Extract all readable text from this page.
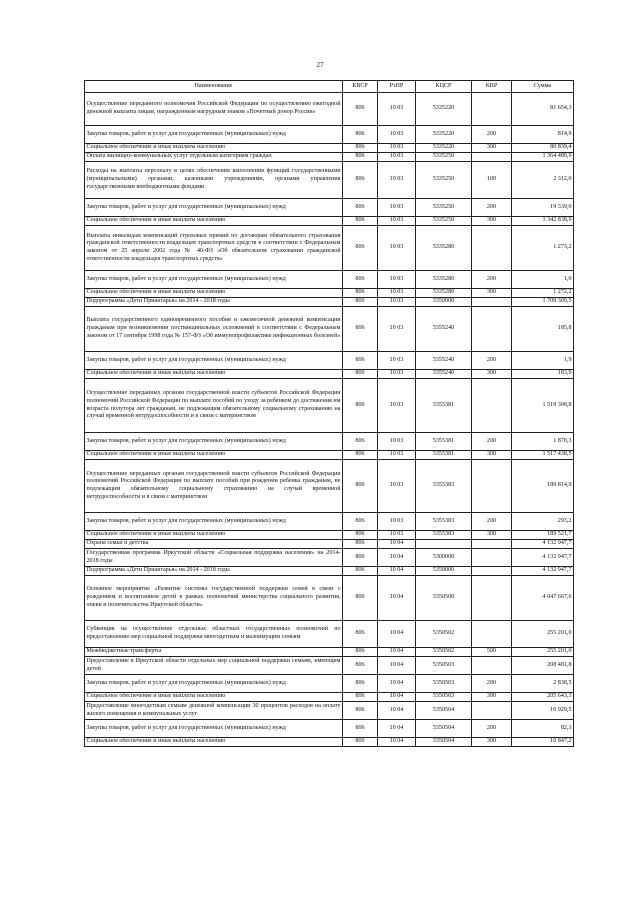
27
Наименование	КВСР	РзПР	КЦСР	КВР	Сумма
Осуществление переданного полномочия Российской Федерации по осуществлению ежегодной денежной выплаты лицам, награжденным нагрудным знаком «Почетный донор России»	806	10 03	5335220		81 654,3
Закупка товаров, работ и услуг для государственных (муниципальных) нужд	806	10 03	5335220	200	814,9
Социальное обеспечение и иные выплаты населению	806	10 03	5335220	300	80 839,4
Оплата жилищно-коммунальных услуг отдельным категориям граждан	806	10 03	5335250		1 364 489,9
Расходы на выплаты персоналу в целях обеспечения выполнения функций государственными (муниципальными) органами, казенными учреждениями, органами управления государственными внебюджетными фондами	806	10 03	5335250	100	2 312,0
Закупка товаров, работ и услуг для государственных (муниципальных) нужд	806	10 03	5335250	200	19 339,0
Социальное обеспечение и иные выплаты населению	806	10 03	5335250	300	1 342 838,9
Выплаты инвалидам компенсаций страховых премий по договорам обязательного страхования гражданской ответственности владельцев транспортных средств в соответствии с Федеральным законом от 25 апреля 2002 года № 40-ФЗ «Об обязательном страховании гражданской ответственности владельцев транспортных средств»	806	10 03	5335280		1 273,2
Закупка товаров, работ и услуг для государственных (муниципальных) нужд	806	10 03	5335280	200	1,0
Социальное обеспечение и иные выплаты населению	806	10 03	5335280	300	1 272,2
Подпрограмма «Дети Приангарья» на 2014 - 2018 годы	806	10 03	5350000		1 709 309,5
Выплата государственного единовременного пособия и ежемесячной денежной компенсации гражданам при возникновении поствакцинальных осложнений в соответствии с Федеральным законом от 17 сентября 1998 года № 157-ФЗ «Об иммунопрофилактике инфекционных болезней»	806	10 03	5355240		185,8
Закупка товаров, работ и услуг для государственных (муниципальных) нужд	806	10 03	5355240	200	1,9
Социальное обеспечение и иные выплаты населению	806	10 03	5355240	300	183,9
Осуществление переданных органам государственной власти субъектов Российской Федерации полномочий Российской Федерации по выплате пособий по уходу за ребенком до достижения им возраста полутора лет гражданам, не подлежащим обязательному социальному страхованию на случай временной нетрудоспособности и в связи с материнством	806	10 03	5355381		1 519 308,8
Закупка товаров, работ и услуг для государственных (муниципальных) нужд	806	10 03	5355381	200	1 870,3
Социальное обеспечение и иные выплаты населению	806	10 03	5355381	300	1 517 438,5
Осуществление переданных органам государственной власти субъектов Российской Федерации полномочий Российской Федерации по выплате пособий при рождении ребенка гражданам, не подлежащим обязательному социальному страхованию на случай временной нетрудоспособности и в связи с материнством	806	10 03	5355383		189 814,9
Закупка товаров, работ и услуг для государственных (муниципальных) нужд	806	10 03	5355383	200	293,2
Социальное обеспечение и иные выплаты населению	806	10 03	5355383	300	189 521,7
Охрана семьи и детства	806	10 04			4 132 947,7
Государственная программа Иркутской области «Социальная поддержка населения» на 2014-2018 годы	806	10 04	5300000		4 132 947,7
Подпрограмма «Дети Приангарья» на 2014 - 2018 годы	806	10 04	5350000		4 132 947,7
Основное мероприятие «Развитие системы государственной поддержки семей в связи с рождением и воспитанием детей в рамках полномочий министерства социального развития, опеки и попечительства Иркутской области»	806	10 04	5350500		4 047 667,6
Субвенция на осуществление отдельных областных государственных полномочий по предоставлению мер социальной поддержки многодетным и малоимущим семьям	806	10 04	5350502		255 201,0
Межбюджетные трансферты	806	10 04	5350502	500	255 201,0
Предоставление в Иркутской области отдельных мер социальной поддержки семьям, имеющим детей	806	10 04	5350503		208 481,8
Закупка товаров, работ и услуг для государственных (муниципальных) нужд	806	10 04	5350503	200	2 838,5
Социальное обеспечение и иные выплаты населению	806	10 04	5350503	300	205 643,3
Предоставление многодетным семьям денежной компенсации 30 процентов расходов на оплату жилого помещения и коммунальных услуг	806	10 04	5350504		10 929,5
Закупка товаров, работ и услуг для государственных (муниципальных) нужд	806	10 04	5350504	200	82,3
Социальное обеспечение и иные выплаты населению	806	10 04	5350504	300	10 847,2
